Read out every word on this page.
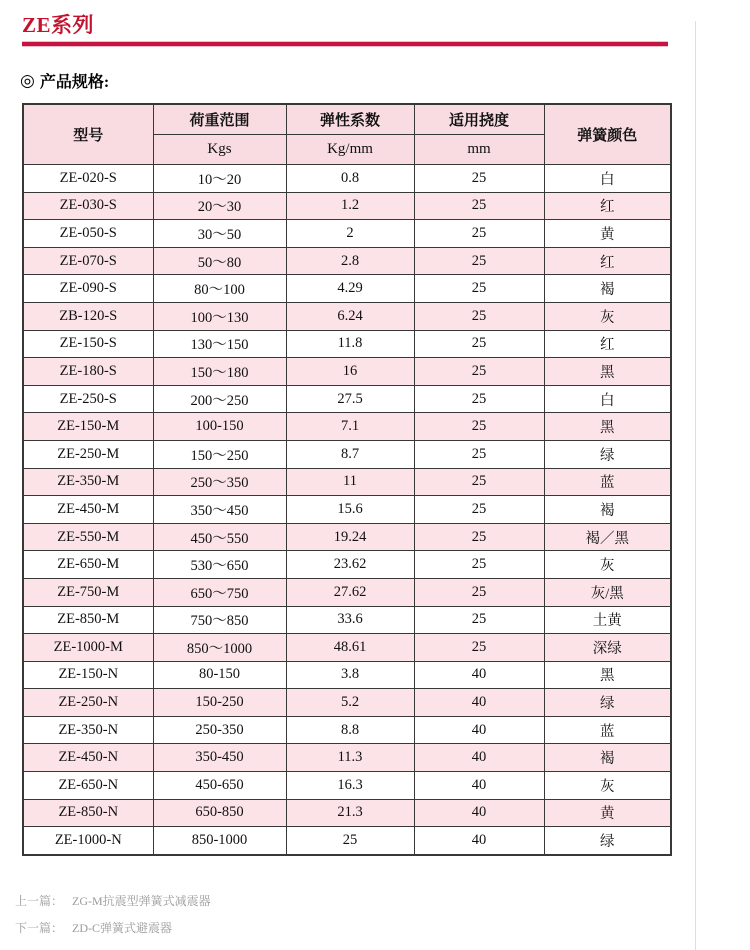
ZE系列
◎ 产品规格:
型号	荷重范围	弹性系数	适用挠度	弹簧颜色
	Kgs	Kg/mm	mm	
ZE-020-S	10～20	0.8	25	白
ZE-030-S	20～30	1.2	25	红
ZE-050-S	30～50	2	25	黄
ZE-070-S	50～80	2.8	25	红
ZE-090-S	80～100	4.29	25	褐
ZB-120-S	100～130	6.24	25	灰
ZE-150-S	130～150	11.8	25	红
ZE-180-S	150～180	16	25	黑
ZE-250-S	200～250	27.5	25	白
ZE-150-M	100-150	7.1	25	黑
ZE-250-M	150～250	8.7	25	绿
ZE-350-M	250～350	11	25	蓝
ZE-450-M	350～450	15.6	25	褐
ZE-550-M	450～550	19.24	25	褐／黑
ZE-650-M	530～650	23.62	25	灰
ZE-750-M	650～750	27.62	25	灰/黑
ZE-850-M	750～850	33.6	25	土黄
ZE-1000-M	850～1000	48.61	25	深绿
ZE-150-N	80-150	3.8	40	黑
ZE-250-N	150-250	5.2	40	绿
ZE-350-N	250-350	8.8	40	蓝
ZE-450-N	350-450	11.3	40	褐
ZE-650-N	450-650	16.3	40	灰
ZE-850-N	650-850	21.3	40	黄
ZE-1000-N	850-1000	25	40	绿
上一篇： ZG-M抗震型弹簧式减震器
下一篇： ZD-C弹簧式避震器
